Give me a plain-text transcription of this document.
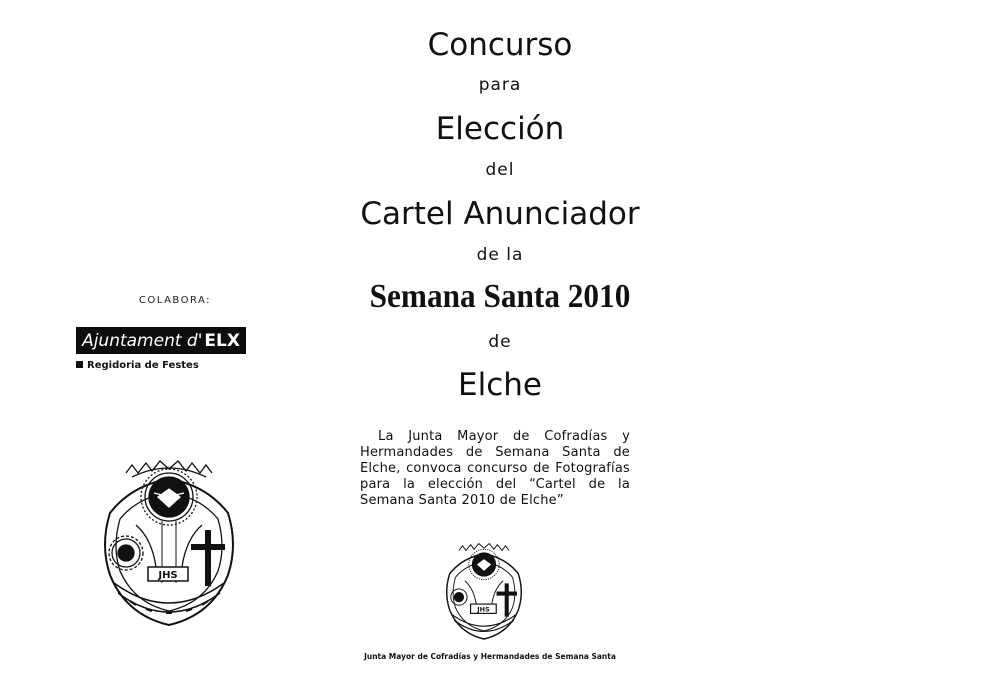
COLABORA:
Ajuntament d' ELX
Regidoria de Festes
JHS
Concurso
para
Elección
del
Cartel Anunciador
de la
Semana Santa 2010
de
Elche
La Junta Mayor de Cofradías y Hermandades de Semana Santa de Elche, convoca concurso de Fotografías para la elección del “Cartel de la Semana Santa 2010 de Elche”
JHS
Junta Mayor de Cofradías y Hermandades de Semana Santa
